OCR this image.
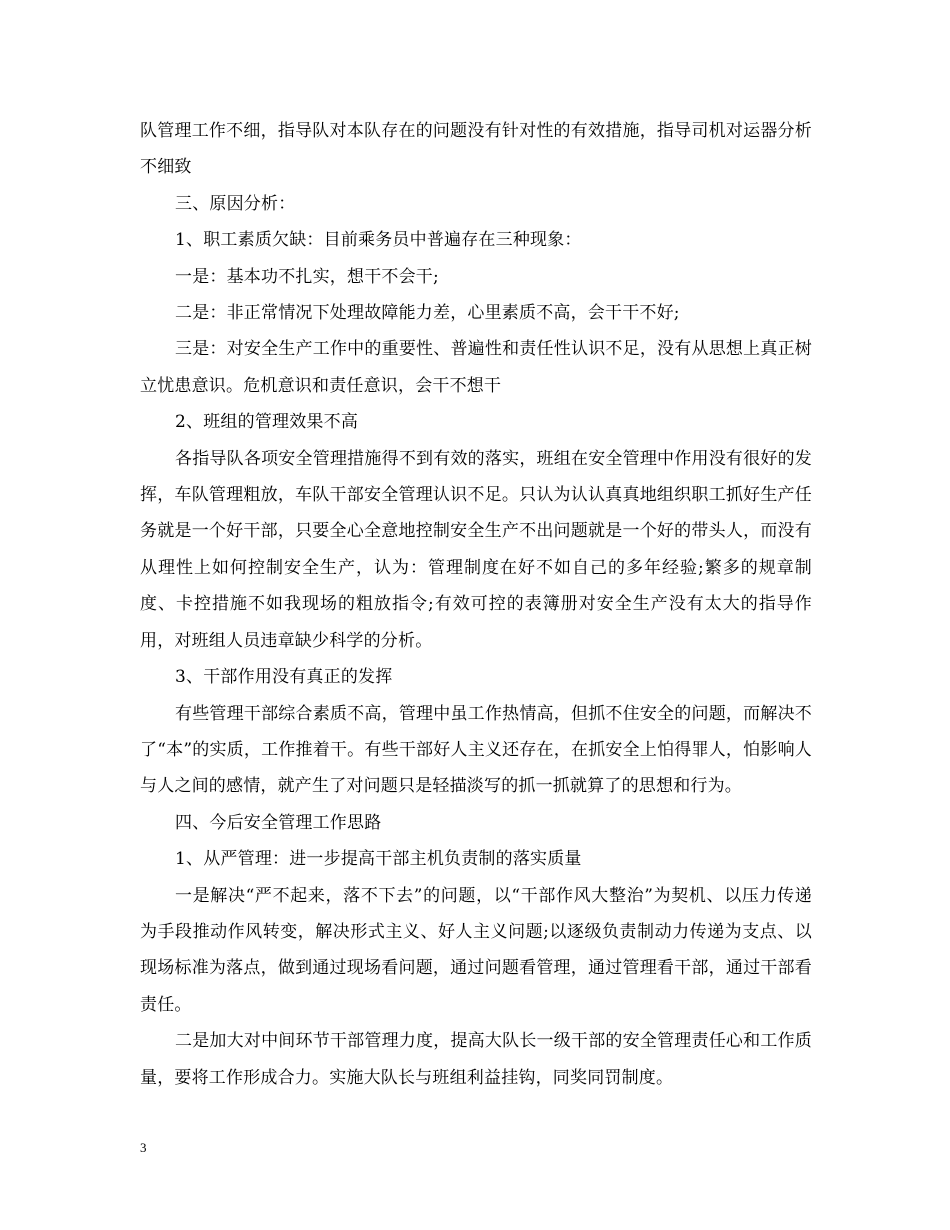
队管理工作不细，指导队对本队存在的问题没有针对性的有效措施，指导司机对运器分析不细致

三、原因分析：

1、职工素质欠缺：目前乘务员中普遍存在三种现象：

一是：基本功不扎实，想干不会干;

二是：非正常情况下处理故障能力差，心里素质不高，会干干不好;

三是：对安全生产工作中的重要性、普遍性和责任性认识不足，没有从思想上真正树立忧患意识。危机意识和责任意识，会干不想干

2、班组的管理效果不高

各指导队各项安全管理措施得不到有效的落实，班组在安全管理中作用没有很好的发挥，车队管理粗放，车队干部安全管理认识不足。只认为认认真真地组织职工抓好生产任务就是一个好干部，只要全心全意地控制安全生产不出问题就是一个好的带头人，而没有从理性上如何控制安全生产，认为：管理制度在好不如自己的多年经验;繁多的规章制度、卡控措施不如我现场的粗放指令;有效可控的表簿册对安全生产没有太大的指导作用，对班组人员违章缺少科学的分析。

3、干部作用没有真正的发挥

有些管理干部综合素质不高，管理中虽工作热情高，但抓不住安全的问题，而解决不了“本”的实质，工作推着干。有些干部好人主义还存在，在抓安全上怕得罪人，怕影响人与人之间的感情，就产生了对问题只是轻描淡写的抓一抓就算了的思想和行为。

四、今后安全管理工作思路

1、从严管理：进一步提高干部主机负责制的落实质量

一是解决“严不起来，落不下去”的问题，以“干部作风大整治”为契机、以压力传递为手段推动作风转变，解决形式主义、好人主义问题;以逐级负责制动力传递为支点、以现场标准为落点，做到通过现场看问题，通过问题看管理，通过管理看干部，通过干部看责任。

二是加大对中间环节干部管理力度，提高大队长一级干部的安全管理责任心和工作质量，要将工作形成合力。实施大队长与班组利益挂钩，同奖同罚制度。

3
